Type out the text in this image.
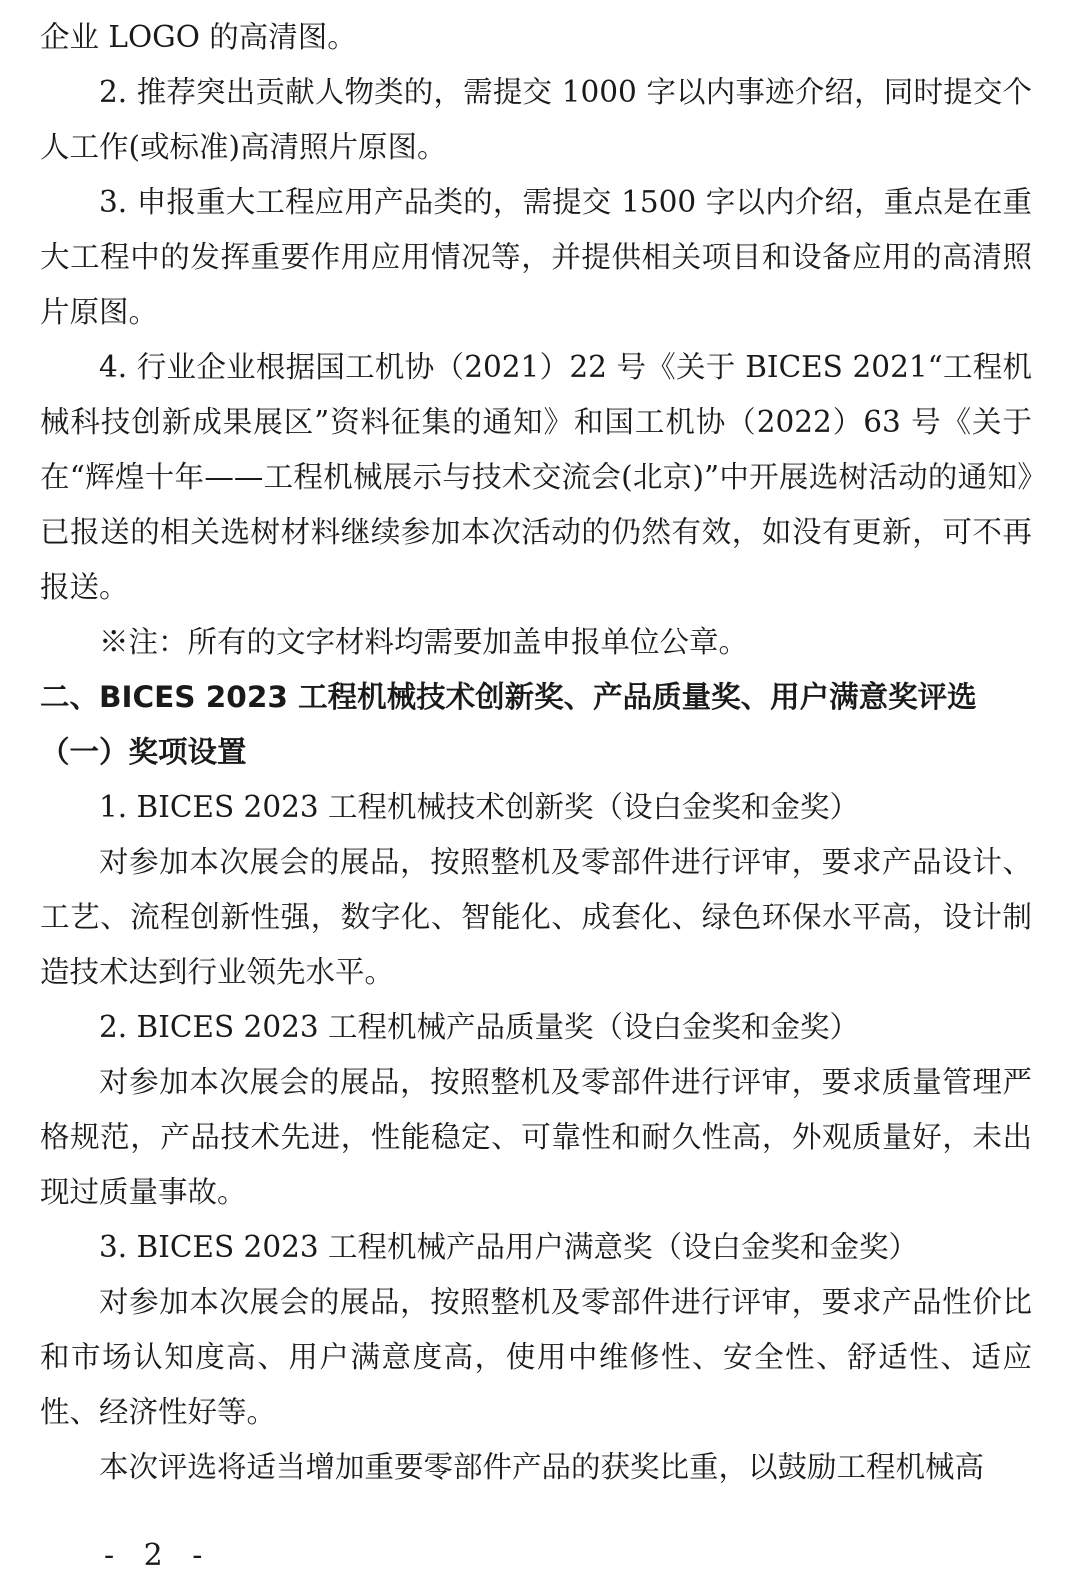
企业 LOGO 的高清图。

2. 推荐突出贡献人物类的，需提交 1000 字以内事迹介绍，同时提交个人工作(或标准)高清照片原图。

3. 申报重大工程应用产品类的，需提交 1500 字以内介绍，重点是在重大工程中的发挥重要作用应用情况等，并提供相关项目和设备应用的高清照片原图。

4. 行业企业根据国工机协（2021）22 号《关于 BICES 2021“工程机械科技创新成果展区”资料征集的通知》和国工机协（2022）63 号《关于在“辉煌十年——工程机械展示与技术交流会(北京)”中开展选树活动的通知》已报送的相关选树材料继续参加本次活动的仍然有效，如没有更新，可不再报送。

※注：所有的文字材料均需要加盖申报单位公章。

二、BICES 2023 工程机械技术创新奖、产品质量奖、用户满意奖评选

（一）奖项设置

1. BICES 2023 工程机械技术创新奖（设白金奖和金奖）

对参加本次展会的展品，按照整机及零部件进行评审，要求产品设计、工艺、流程创新性强，数字化、智能化、成套化、绿色环保水平高，设计制造技术达到行业领先水平。

2. BICES 2023 工程机械产品质量奖（设白金奖和金奖）

对参加本次展会的展品，按照整机及零部件进行评审，要求质量管理严格规范，产品技术先进，性能稳定、可靠性和耐久性高，外观质量好，未出现过质量事故。

3. BICES 2023 工程机械产品用户满意奖（设白金奖和金奖）

对参加本次展会的展品，按照整机及零部件进行评审，要求产品性价比和市场认知度高、用户满意度高，使用中维修性、安全性、舒适性、适应性、经济性好等。

本次评选将适当增加重要零部件产品的获奖比重，以鼓励工程机械高

- 2 -
